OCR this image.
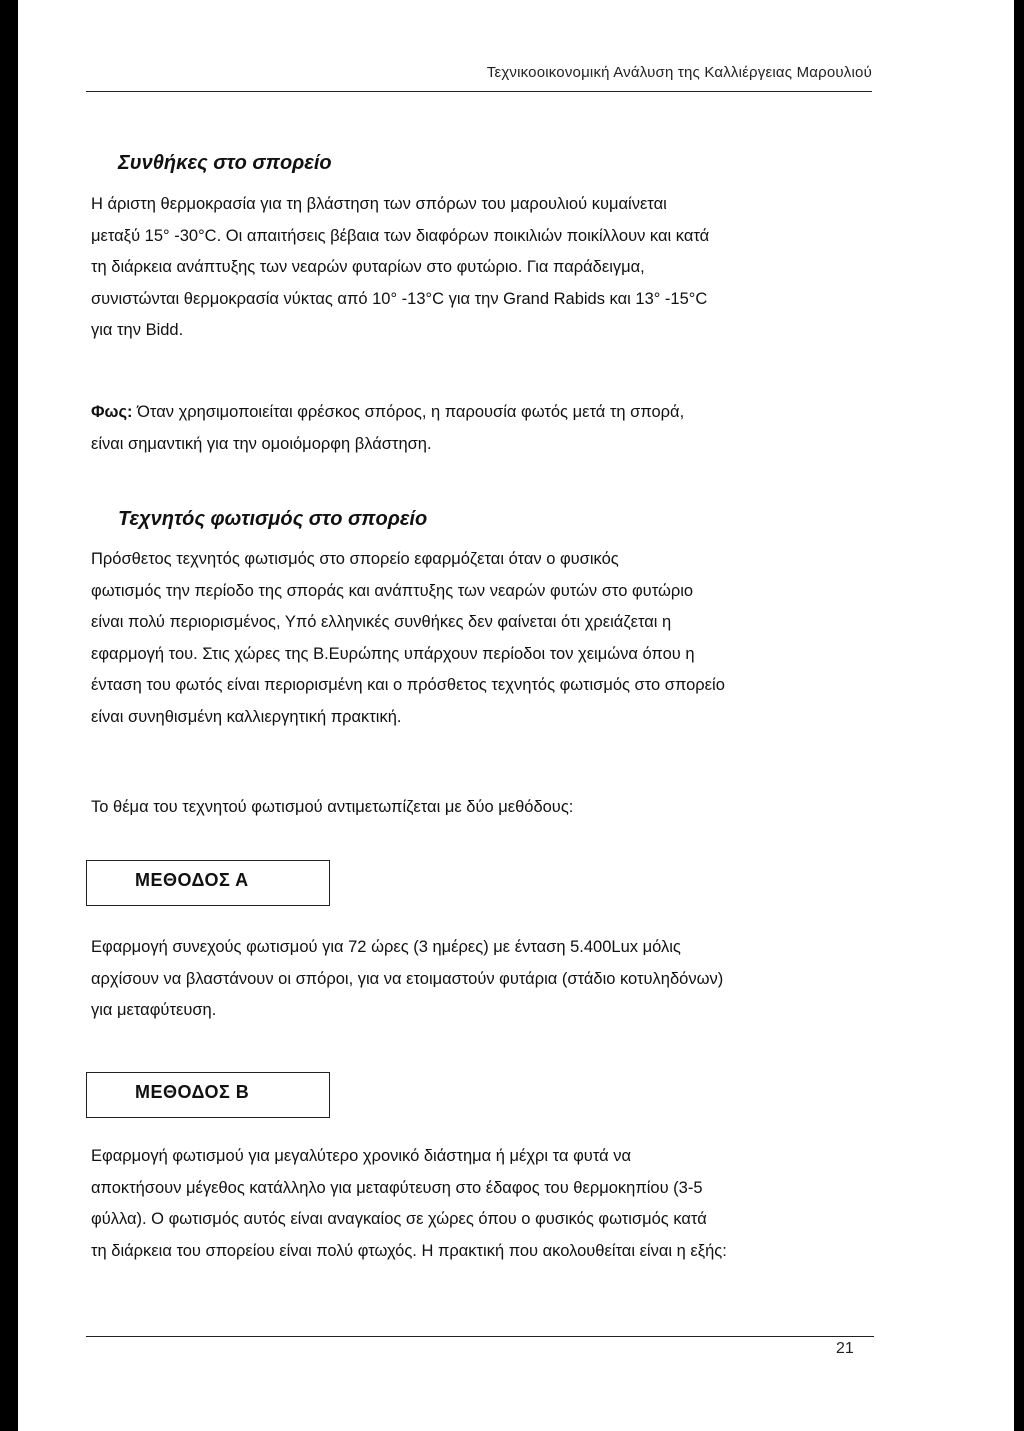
Τεχνικοοικονομική Ανάλυση της Καλλιέργειας Μαρουλιού
Συνθήκες στο σπορείο
Η άριστη θερμοκρασία για τη βλάστηση των σπόρων του μαρουλιού κυμαίνεται
μεταξύ 15° -30°C. Οι απαιτήσεις βέβαια των διαφόρων ποικιλιών ποικίλλουν και κατά
τη διάρκεια ανάπτυξης των νεαρών φυταρίων στο φυτώριο. Για παράδειγμα,
συνιστώνται θερμοκρασία νύκτας από 10° -13°C για την Grand Rabids και 13° -15°C
για την Bidd.
Φως: Όταν χρησιμοποιείται φρέσκος σπόρος, η παρουσία φωτός μετά τη σπορά,
είναι σημαντική για την ομοιόμορφη βλάστηση.
Τεχνητός φωτισμός στο σπορείο
Πρόσθετος τεχνητός φωτισμός στο σπορείο εφαρμόζεται όταν ο φυσικός
φωτισμός την περίοδο της σποράς και ανάπτυξης των νεαρών φυτών στο φυτώριο
είναι πολύ περιορισμένος, Υπό ελληνικές συνθήκες δεν φαίνεται ότι χρειάζεται η
εφαρμογή του. Στις χώρες της Β.Ευρώπης υπάρχουν περίοδοι τον χειμώνα όπου η
ένταση του φωτός είναι περιορισμένη και ο πρόσθετος τεχνητός φωτισμός στο σπορείο
είναι συνηθισμένη καλλιεργητική πρακτική.
Το θέμα του τεχνητού φωτισμού αντιμετωπίζεται με δύο μεθόδους:
ΜΕΘΟΔΟΣ Α
Εφαρμογή συνεχούς φωτισμού για 72 ώρες (3 ημέρες) με ένταση 5.400Lux μόλις
αρχίσουν να βλαστάνουν οι σπόροι, για να ετοιμαστούν φυτάρια (στάδιο κοτυληδόνων)
για μεταφύτευση.
ΜΕΘΟΔΟΣ Β
Εφαρμογή φωτισμού για μεγαλύτερο χρονικό διάστημα ή μέχρι τα φυτά να
αποκτήσουν μέγεθος κατάλληλο για μεταφύτευση στο έδαφος του θερμοκηπίου (3-5
φύλλα). Ο φωτισμός αυτός είναι αναγκαίος σε χώρες όπου ο φυσικός φωτισμός κατά
τη διάρκεια του σπορείου είναι πολύ φτωχός. Η πρακτική που ακολουθείται είναι η εξής:
21
